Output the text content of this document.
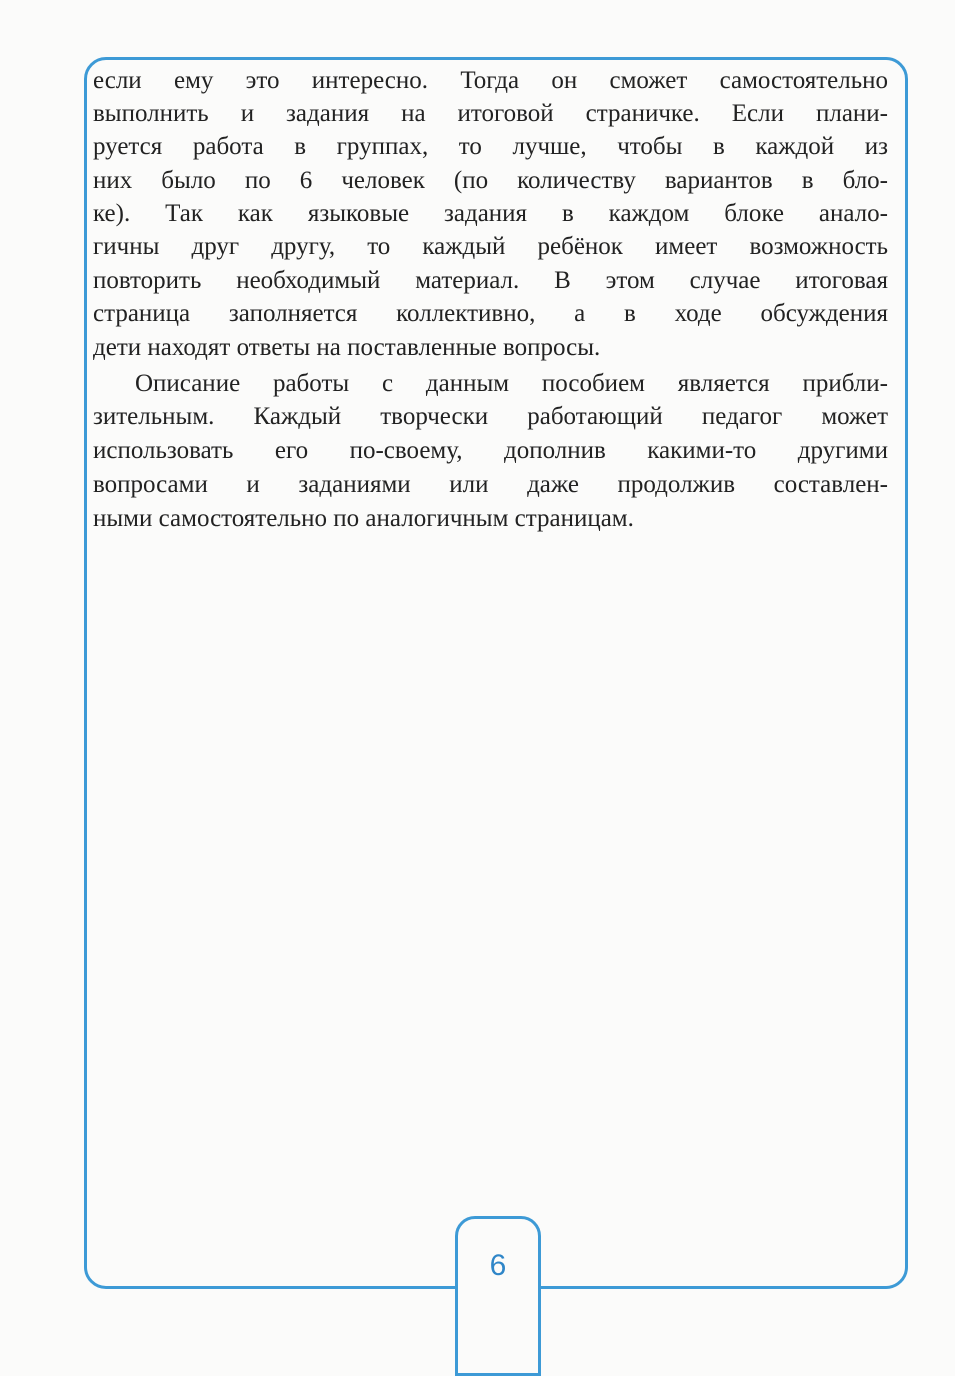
если ему это интересно. Тогда он сможет самостоятельно
выполнить и задания на итоговой страничке. Если плани-
руется работа в группах, то лучше, чтобы в каждой из
них было по 6 человек (по количеству вариантов в бло-
ке). Так как языковые задания в каждом блоке анало-
гичны друг другу, то каждый ребёнок имеет возможность
повторить необходимый материал. В этом случае итоговая
страница заполняется коллективно, а в ходе обсуждения
дети находят ответы на поставленные вопросы.
Описание работы с данным пособием является прибли-
зительным. Каждый творчески работающий педагог может
использовать его по-своему, дополнив какими-то другими
вопросами и заданиями или даже продолжив составлен-
ными самостоятельно по аналогичным страницам.
6
